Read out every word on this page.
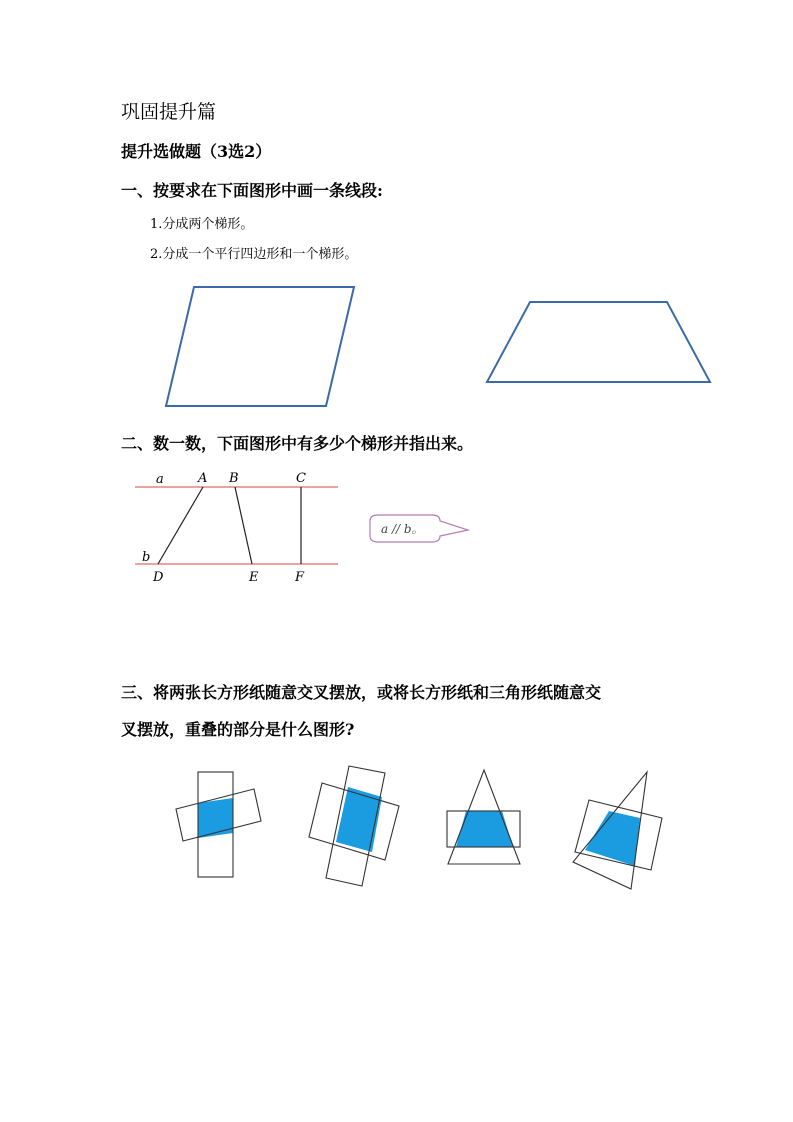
巩固提升篇
提升选做题（3选2）
一、按要求在下面图形中画一条线段:
1.分成两个梯形。
2.分成一个平行四边形和一个梯形。
二、数一数，下面图形中有多少个梯形并指出来。
三、将两张长方形纸随意交叉摆放，或将长方形纸和三角形纸随意交
叉摆放，重叠的部分是什么图形?
a	A B	C
b
D	E	F
a // b。
